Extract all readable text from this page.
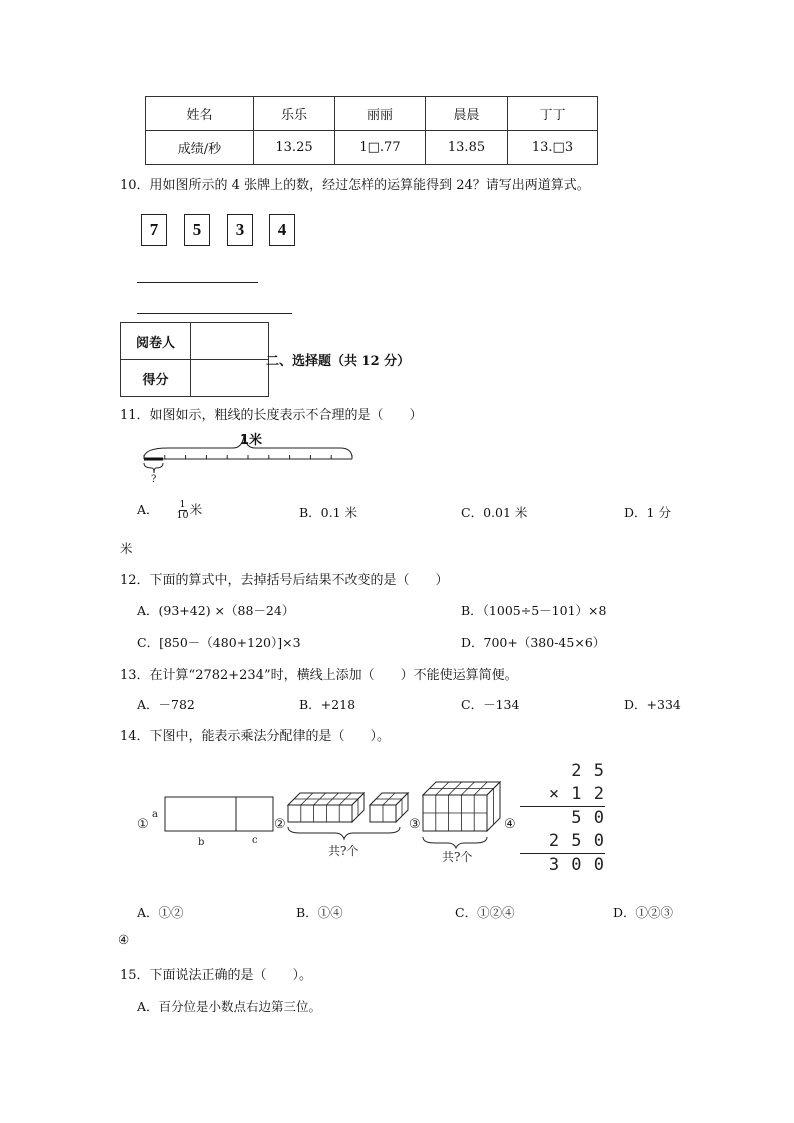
姓名	乐乐	丽丽	晨晨	丁丁
成绩/秒	13.25	1□.77	13.85	13.□3
10．用如图所示的 4 张牌上的数，经过怎样的运算能得到 24？请写出两道算式。
7	5	3	4
阅卷人	
得分	
二、选择题（共 12 分）
11．如图如示，粗线的长度表示不合理的是（　　）
?
1米
A． $\frac{1}{10}$ 米	B．0.1 米	C．0.01 米	D．1 分
米
12．下面的算式中，去掉括号后结果不改变的是（　　）
A．(93+42) ×（88－24）	B．（1005÷5－101）×8
C．[850－（480+120）]×3	D．700+（380-45×6）
13．在计算“2782+234”时，横线上添加（　　）不能使运算简便。
A．－782	B．+218	C．－134	D．+334
14．下图中，能表示乘法分配律的是（　　）。
①
a
b	c
②
共?个
③
共?个
④
2 5
× 1 2
5 0
2 5 0
3 0 0
A．①②	B．①④	C．①②④	D．①②③
④
15．下面说法正确的是（　　）。
A．百分位是小数点右边第三位。
